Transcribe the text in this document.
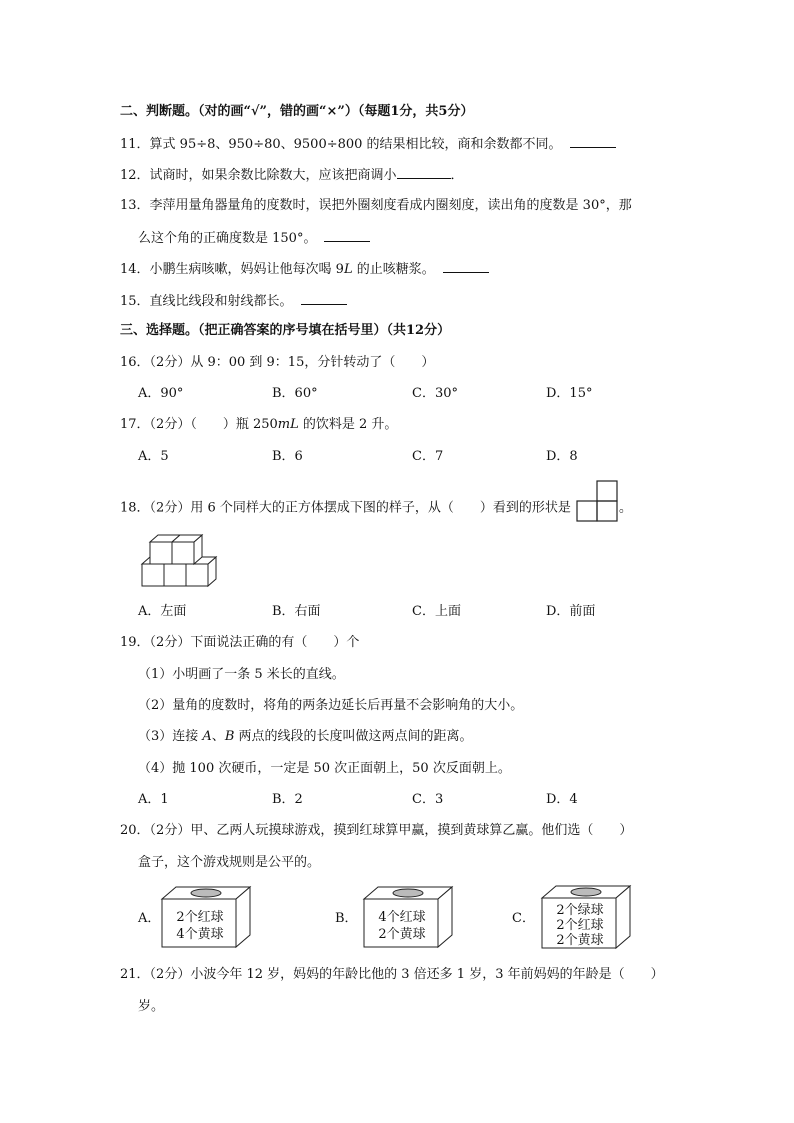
二、判断题。（对的画“√”，错的画“×”）（每题1分，共5分）
11．算式 95÷8、950÷80、9500÷800 的结果相比较，商和余数都不同。
12．试商时，如果余数比除数大，应该把商调小	．
13．李萍用量角器量角的度数时，误把外圈刻度看成内圈刻度，读出角的度数是 30°，那
么这个角的正确度数是 150°。
14．小鹏生病咳嗽，妈妈让他每次喝 9L 的止咳糖浆。
15．直线比线段和射线都长。
三、选择题。（把正确答案的序号填在括号里）（共12分）
16．（2分）从 9：00 到 9：15，分针转动了（　　）
A．90°	B．60°	C．30°	D．15°
17．（2分）（　　）瓶 250mL 的饮料是 2 升。
A．5	B．6	C．7	D．8
18．（2分）用 6 个同样大的正方体摆成下图的样子，从（　　）看到的形状是	。
A．左面	B．右面	C．上面	D．前面
19．（2分）下面说法正确的有（　　）个
（1）小明画了一条 5 米长的直线。
（2）量角的度数时，将角的两条边延长后再量不会影响角的大小。
（3）连接 A、B 两点的线段的长度叫做这两点间的距离。
（4）抛 100 次硬币，一定是 50 次正面朝上，50 次反面朝上。
A．1	B．2	C．3	D．4
20．（2分）甲、乙两人玩摸球游戏，摸到红球算甲赢，摸到黄球算乙赢。他们选（　　）
盒子，这个游戏规则是公平的。
A． 2个红球
4个黄球
B． 4个红球
2个黄球
C．
2个绿球
2个红球
2个黄球
21．（2分）小波今年 12 岁，妈妈的年龄比他的 3 倍还多 1 岁，3 年前妈妈的年龄是（　　）
岁。
